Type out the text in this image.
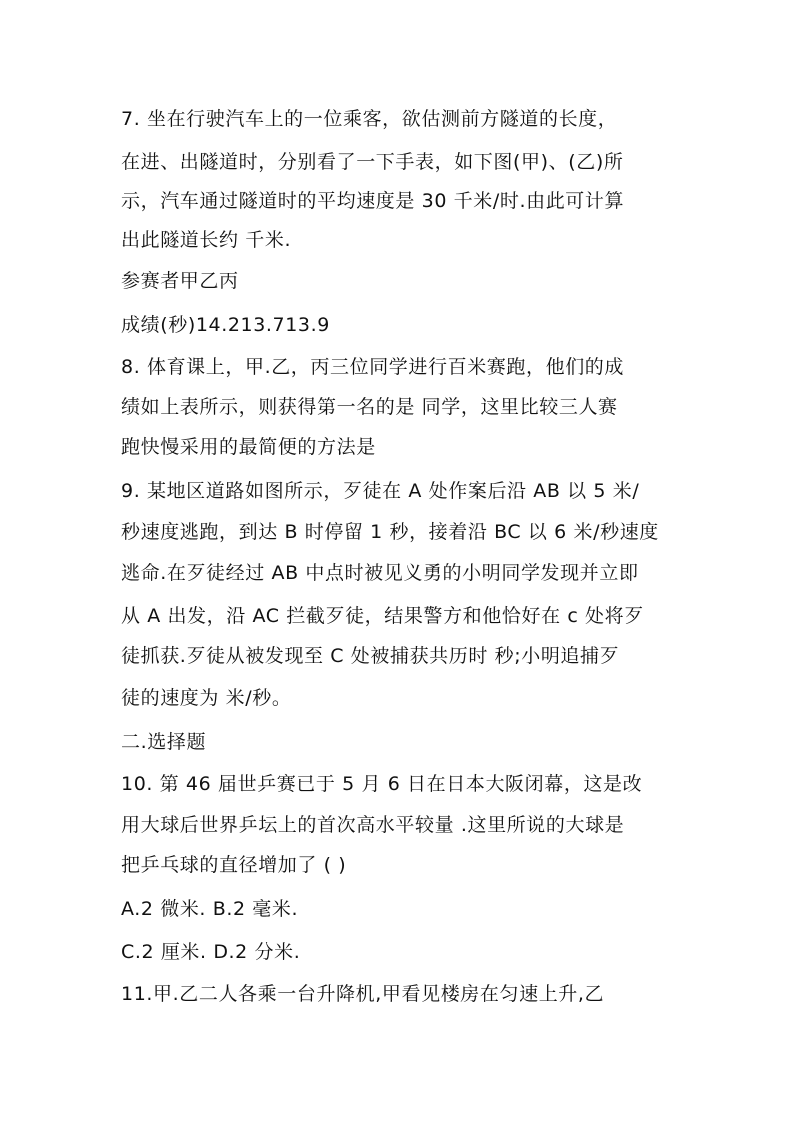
7. 坐在行驶汽车上的一位乘客，欲估测前方隧道的长度，
在进、出隧道时，分别看了一下手表，如下图(甲)、(乙)所
示，汽车通过隧道时的平均速度是 30 千米/时.由此可计算
出此隧道长约 千米.
参赛者甲乙丙
成绩(秒)14.213.713.9
8. 体育课上，甲.乙，丙三位同学进行百米赛跑，他们的成
绩如上表所示，则获得第一名的是 同学，这里比较三人赛
跑快慢采用的最简便的方法是
9. 某地区道路如图所示，歹徒在 A 处作案后沿 AB 以 5 米/
秒速度逃跑，到达 B 时停留 1 秒，接着沿 BC 以 6 米/秒速度
逃命.在歹徒经过 AB 中点时被见义勇的小明同学发现并立即
从 A 出发，沿 AC 拦截歹徒，结果警方和他恰好在 c 处将歹
徒抓获.歹徒从被发现至 C 处被捕获共历时 秒;小明追捕歹
徒的速度为 米/秒。
二.选择题
10. 第 46 届世乒赛已于 5 月 6 日在日本大阪闭幕，这是改
用大球后世界乒坛上的首次高水平较量 .这里所说的大球是
把乒乓球的直径增加了 ( )
A.2 微米. B.2 毫米.
C.2 厘米. D.2 分米.
11.甲.乙二人各乘一台升降机,甲看见楼房在匀速上升,乙
